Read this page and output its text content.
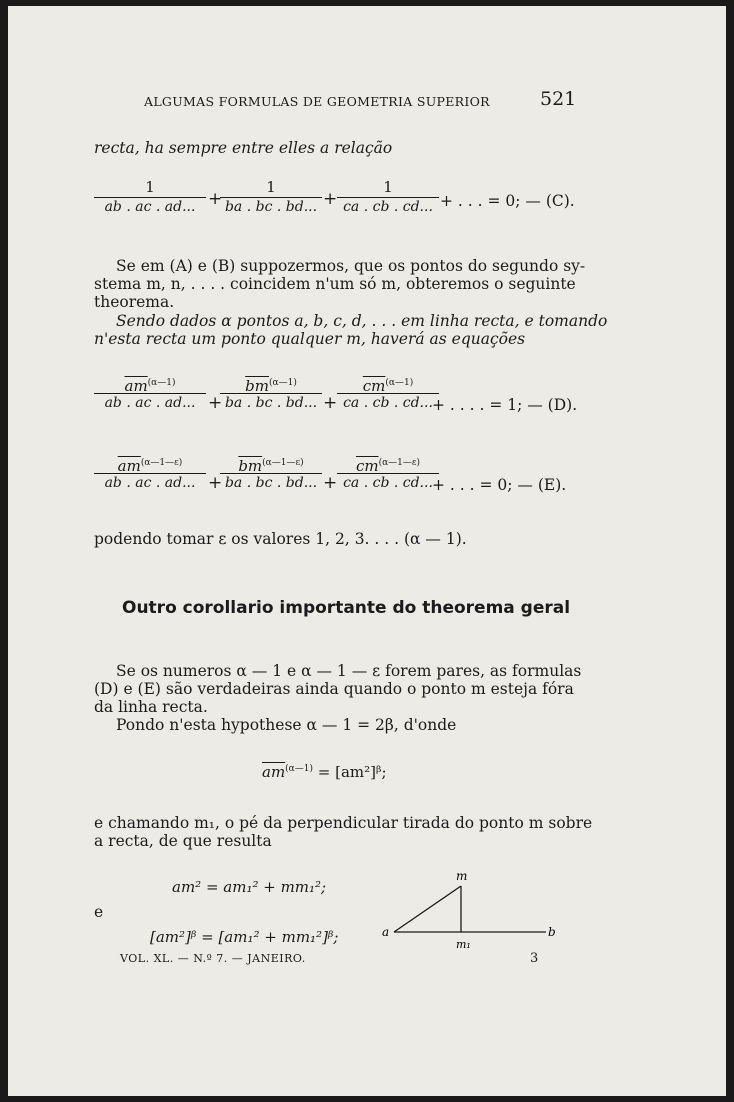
ALGUMAS FORMULAS DE GEOMETRIA SUPERIOR	521
recta, ha sempre entre elles a relação
1
ab . ac . ad... +
1
ba . bc . bd... +
1
ca . cb . cd... + . . . = 0; — (C).
Se em (A) e (B) suppozermos, que os pontos do segundo sy-
stema m, n, . . . . coincidem n'um só m, obteremos o seguinte
theorema.
Sendo dados α pontos a, b, c, d, . . . em linha recta, e tomando
n'esta recta um ponto qualquer m, haverá as equações
$\overline{am}^{(\alpha—1)}$
ab . ac . ad... +
$\overline{bm}^{(\alpha—1)}$
ba . bc . bd... +
$\overline{cm}^{(\alpha—1)}$
ca . cb . cd... + . . . . = 1; — (D).
$\overline{am}^{(\alpha—1—\varepsilon)}$
ab . ac . ad... +
$\overline{bm}^{(\alpha—1—\varepsilon)}$
ba . bc . bd... +
$\overline{cm}^{(\alpha—1—\varepsilon)}$
ca . cb . cd... + . . . = 0; — (E).
podendo tomar ε os valores 1, 2, 3. . . . (α — 1).
Outro corollario importante do theorema geral
Se os numeros α — 1 e α — 1 — ε forem pares, as formulas
(D) e (E) são verdadeiras ainda quando o ponto m esteja fóra
da linha recta.
Pondo n'esta hypothese α — 1 = 2β, d'onde
$\overline{am}^{(\alpha—1)}$ = [am²]ᵝ;
e chamando m₁, o pé da perpendicular tirada do ponto m sobre
a recta, de que resulta
am² = am₁² + mm₁²;
e
[am²]ᵝ = [am₁² + mm₁²]ᵝ;
m
a	b
m₁
VOL. XL. — N.º 7. — JANEIRO.	3
